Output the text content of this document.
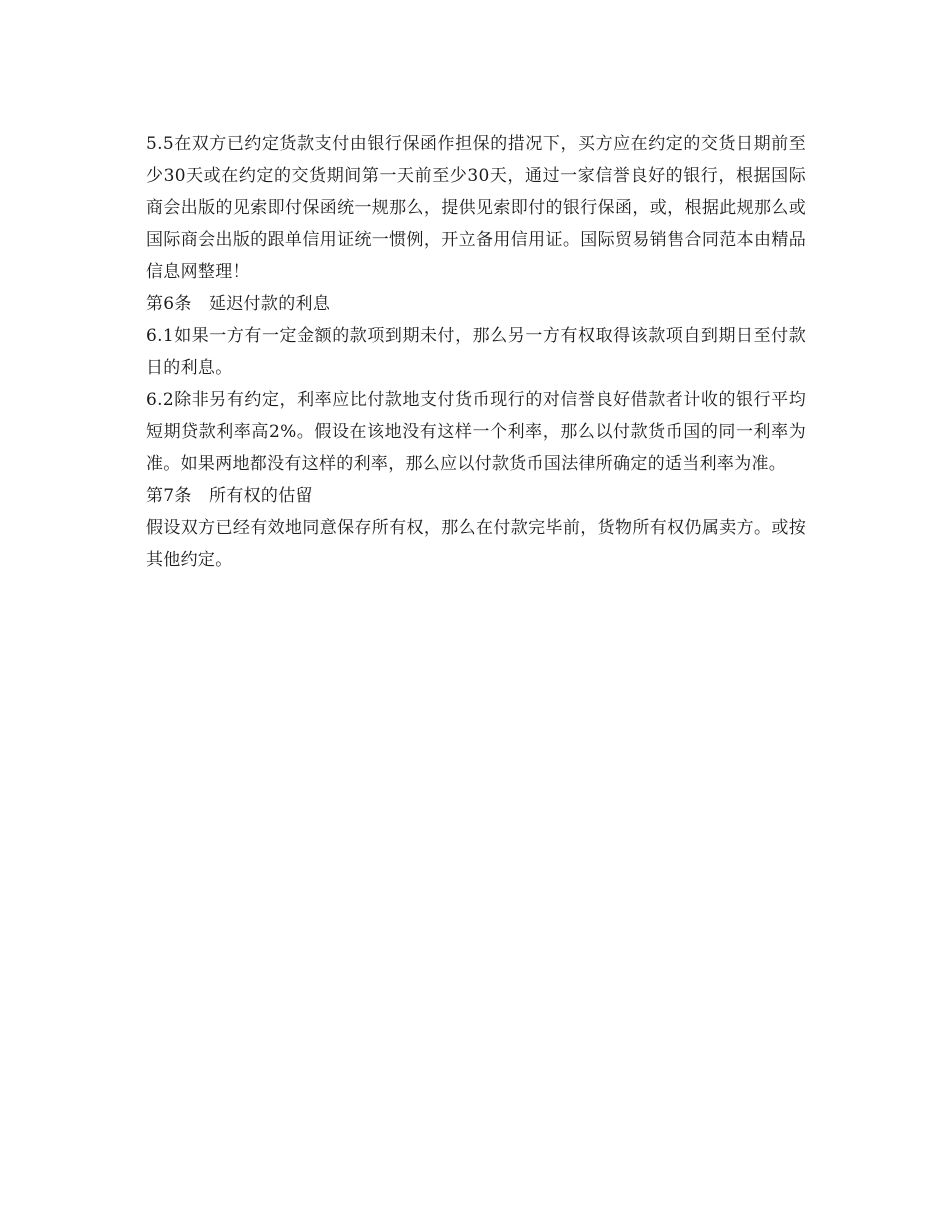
5.5在双方已约定货款支付由银行保函作担保的措况下，买方应在约定的交货日期前至少30天或在约定的交货期间第一天前至少30天，通过一家信誉良好的银行，根据国际商会出版的见索即付保函统一规那么，提供见索即付的银行保函，或，根据此规那么或国际商会出版的跟单信用证统一惯例，开立备用信用证。国际贸易销售合同范本由精品信息网整理！

第6条　延迟付款的利息

6.1如果一方有一定金额的款项到期未付，那么另一方有权取得该款项自到期日至付款日的利息。

6.2除非另有约定，利率应比付款地支付货币现行的对信誉良好借款者计收的银行平均短期贷款利率高2%。假设在该地没有这样一个利率，那么以付款货币国的同一利率为准。如果两地都没有这样的利率，那么应以付款货币国法律所确定的适当利率为准。

第7条　所有权的估留

假设双方已经有效地同意保存所有权，那么在付款完毕前，货物所有权仍属卖方。或按其他约定。
